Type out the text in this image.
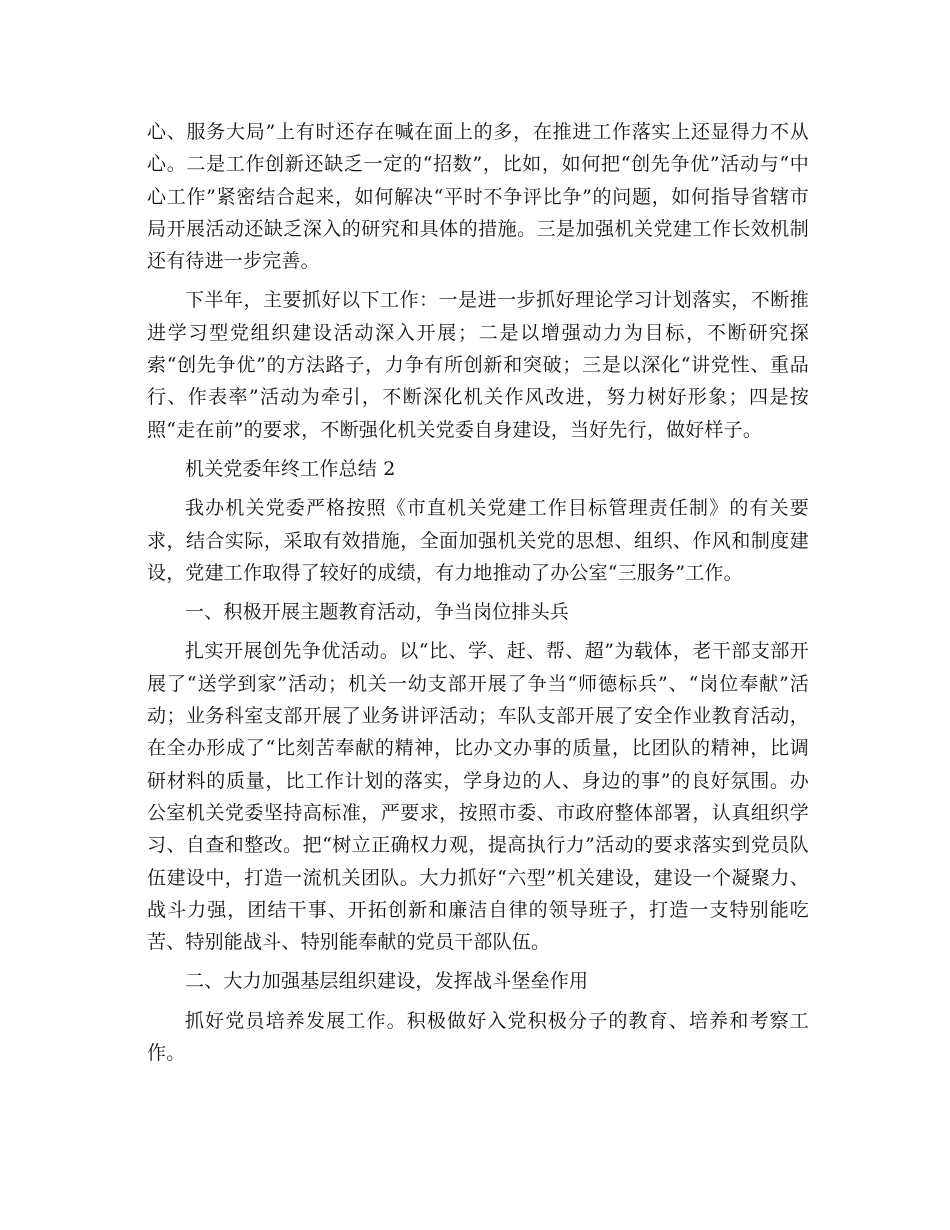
心、服务大局”上有时还存在喊在面上的多，在推进工作落实上还显得力不从心。二是工作创新还缺乏一定的“招数”，比如，如何把“创先争优”活动与“中心工作”紧密结合起来，如何解决“平时不争评比争”的问题，如何指导省辖市局开展活动还缺乏深入的研究和具体的措施。三是加强机关党建工作长效机制还有待进一步完善。

下半年，主要抓好以下工作：一是进一步抓好理论学习计划落实，不断推进学习型党组织建设活动深入开展；二是以增强动力为目标，不断研究探索“创先争优”的方法路子，力争有所创新和突破；三是以深化“讲党性、重品行、作表率”活动为牵引，不断深化机关作风改进，努力树好形象；四是按照“走在前”的要求，不断强化机关党委自身建设，当好先行，做好样子。

机关党委年终工作总结 2

我办机关党委严格按照《市直机关党建工作目标管理责任制》的有关要求，结合实际，采取有效措施，全面加强机关党的思想、组织、作风和制度建设，党建工作取得了较好的成绩，有力地推动了办公室“三服务”工作。

一、积极开展主题教育活动，争当岗位排头兵

扎实开展创先争优活动。以“比、学、赶、帮、超”为载体，老干部支部开展了“送学到家”活动；机关一幼支部开展了争当“师德标兵”、“岗位奉献”活动；业务科室支部开展了业务讲评活动；车队支部开展了安全作业教育活动，在全办形成了“比刻苦奉献的精神，比办文办事的质量，比团队的精神，比调研材料的质量，比工作计划的落实，学身边的人、身边的事”的良好氛围。办公室机关党委坚持高标准，严要求，按照市委、市政府整体部署，认真组织学习、自查和整改。把“树立正确权力观，提高执行力”活动的要求落实到党员队伍建设中，打造一流机关团队。大力抓好“六型”机关建设，建设一个凝聚力、战斗力强，团结干事、开拓创新和廉洁自律的领导班子，打造一支特别能吃苦、特别能战斗、特别能奉献的党员干部队伍。

二、大力加强基层组织建设，发挥战斗堡垒作用

抓好党员培养发展工作。积极做好入党积极分子的教育、培养和考察工作。
